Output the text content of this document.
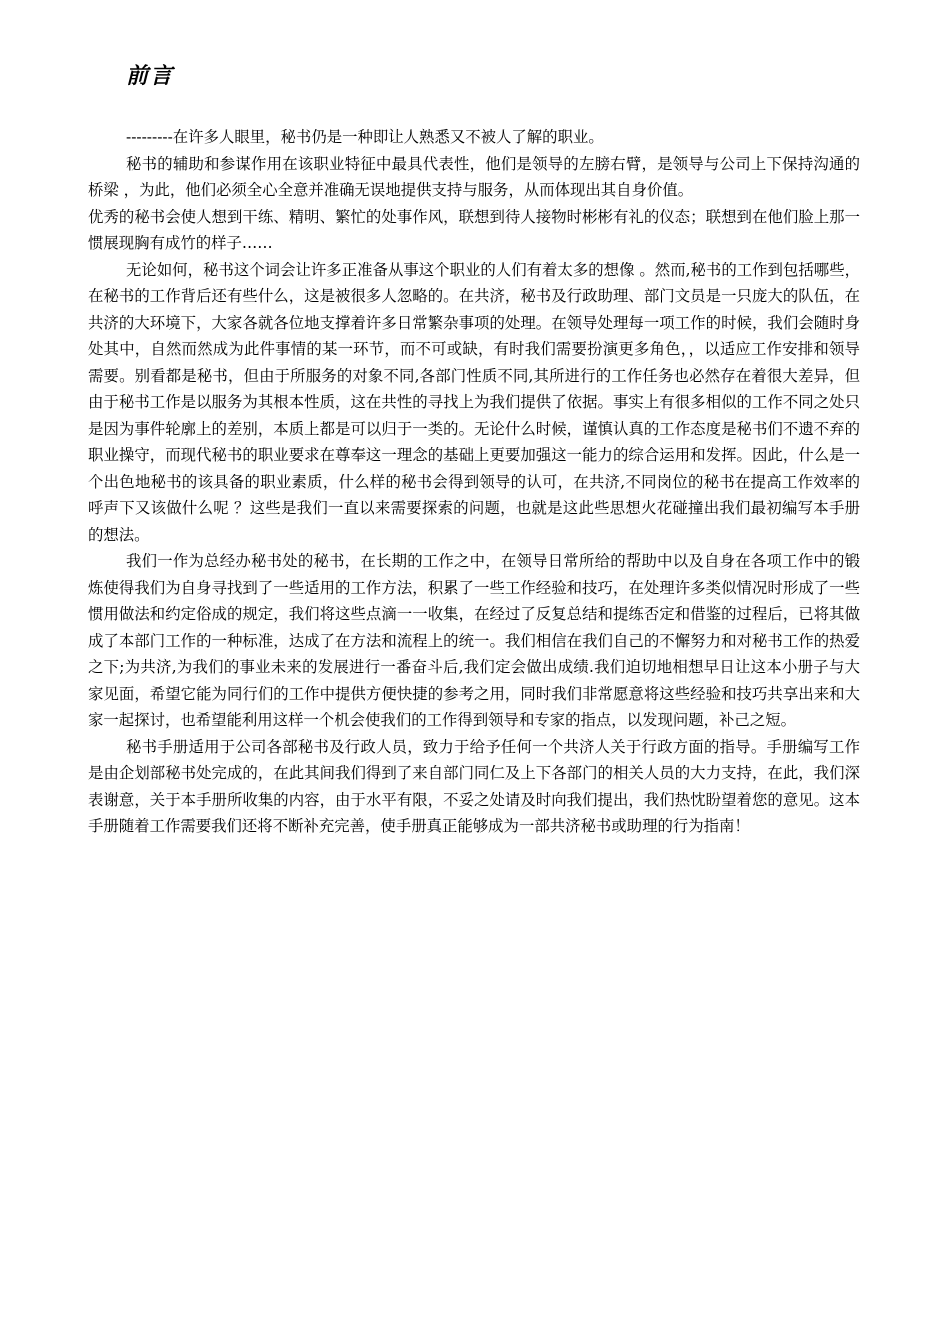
前言

---------在许多人眼里，秘书仍是一种即让人熟悉又不被人了解的职业。

秘书的辅助和参谋作用在该职业特征中最具代表性，他们是领导的左膀右臂，是领导与公司上下保持沟通的桥梁 ，为此，他们必须全心全意并准确无误地提供支持与服务，从而体现出其自身价值。

优秀的秘书会使人想到干练、精明、繁忙的处事作风，联想到待人接物时彬彬有礼的仪态；联想到在他们脸上那一惯展现胸有成竹的样子……

无论如何，秘书这个词会让许多正准备从事这个职业的人们有着太多的想像 。然而,秘书的工作到包括哪些，在秘书的工作背后还有些什么，这是被很多人忽略的。在共济，秘书及行政助理、部门文员是一只庞大的队伍，在共济的大环境下，大家各就各位地支撑着许多日常繁杂事项的处理。在领导处理每一项工作的时候，我们会随时身处其中，自然而然成为此件事情的某一环节，而不可或缺，有时我们需要扮演更多角色，，以适应工作安排和领导需要。别看都是秘书，但由于所服务的对象不同,各部门性质不同,其所进行的工作任务也必然存在着很大差异，但由于秘书工作是以服务为其根本性质，这在共性的寻找上为我们提供了依据。事实上有很多相似的工作不同之处只是因为事件轮廓上的差别，本质上都是可以归于一类的。无论什么时候，谨慎认真的工作态度是秘书们不遗不弃的职业操守，而现代秘书的职业要求在尊奉这一理念的基础上更要加强这一能力的综合运用和发挥。因此，什么是一个出色地秘书的该具备的职业素质，什么样的秘书会得到领导的认可，在共济,不同岗位的秘书在提高工作效率的呼声下又该做什么呢 ？这些是我们一直以来需要探索的问题，也就是这此些思想火花碰撞出我们最初编写本手册的想法。

我们一作为总经办秘书处的秘书，在长期的工作之中，在领导日常所给的帮助中以及自身在各项工作中的锻炼使得我们为自身寻找到了一些适用的工作方法，积累了一些工作经验和技巧，在处理许多类似情况时形成了一些惯用做法和约定俗成的规定，我们将这些点滴一一收集，在经过了反复总结和提练否定和借鉴的过程后，已将其做成了本部门工作的一种标准，达成了在方法和流程上的统一。我们相信在我们自己的不懈努力和对秘书工作的热爱之下;为共济,为我们的事业未来的发展进行一番奋斗后,我们定会做出成绩.我们迫切地相想早日让这本小册子与大家见面，希望它能为同行们的工作中提供方便快捷的参考之用，同时我们非常愿意将这些经验和技巧共享出来和大家一起探讨，也希望能利用这样一个机会使我们的工作得到领导和专家的指点，以发现问题，补己之短。

秘书手册适用于公司各部秘书及行政人员，致力于给予任何一个共济人关于行政方面的指导。手册编写工作是由企划部秘书处完成的，在此其间我们得到了来自部门同仁及上下各部门的相关人员的大力支持，在此，我们深表谢意，关于本手册所收集的内容，由于水平有限，不妥之处请及时向我们提出，我们热忱盼望着您的意见。这本手册随着工作需要我们还将不断补充完善，使手册真正能够成为一部共济秘书或助理的行为指南！
